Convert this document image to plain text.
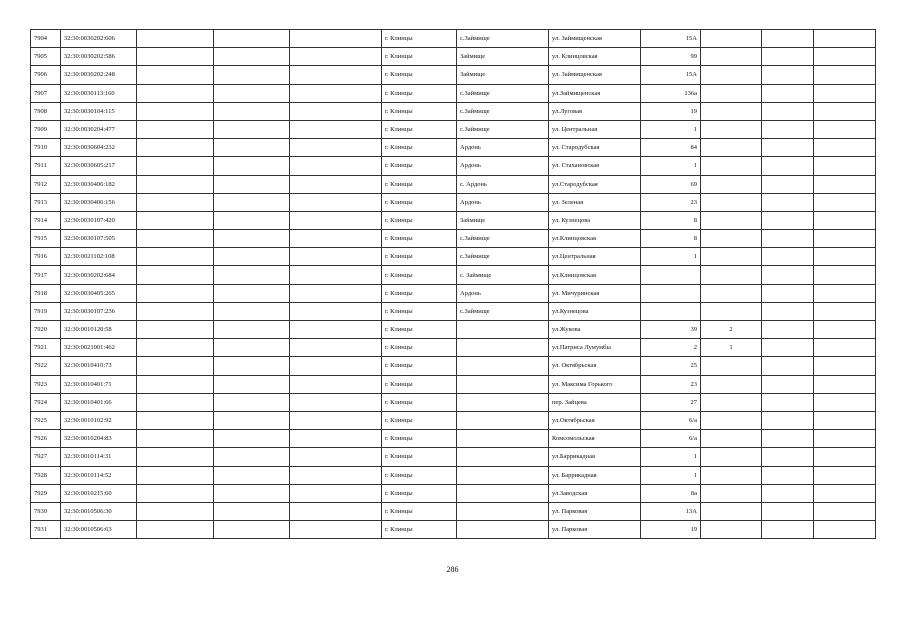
7904	32:30:0030202:606				г. Клинцы	с.Займище	ул. Займищенская	15А			
7905	32:30:0030202:586				г. Клинцы	Займище	ул. Клинцовская	99			
7906	32:30:0030202:248				г. Клинцы	Займище	ул. Займищенская	15А			
7907	32:30:0030113:160				г. Клинцы	с.Займище	ул.Займищенская	136а			
7908	32:30:0030104:115				г. Клинцы	с.Займище	ул.Луговая	19			
7909	32:30:0030204:477				г. Клинцы	с.Займище	ул. Центральная	1			
7910	32:30:0030604:232				г. Клинцы	Ардонь	ул. Стародубская	84			
7911	32:30:0030605:217				г. Клинцы	Ардонь	ул. Стахановская	1			
7912	32:30:0030406:182				г. Клинцы	с. Ардонь	ул.Стародубская	69			
7913	32:30:0030406:156				г. Клинцы	Ардонь	ул. Зеленая	23			
7914	32:30:0030107:420				г. Клинцы	Займище	ул. Кузнецова	8			
7915	32:30:0030107:505				г. Клинцы	с.Займище	ул.Клинцовская	8			
7916	32:30:0021102:108				г. Клинцы	с.Займище	ул.Центральная	1			
7917	32:30:0030202:684				г. Клинцы	с. Займище	ул.Клинцовская				
7918	32:30:0030405:265				г. Клинцы	Ардонь	ул. Мичуринская				
7919	32:30:0030107:236				г. Клинцы	с.Займище	ул.Кузнецова				
7920	32:30:0010120:58				г. Клинцы		ул.Жукова	39	2		
7921	32:30:0021001:462				г. Клинцы		ул.Патриса Лумумбы	2	1		
7922	32:30:0010410:73				г. Клинцы		ул. Октябрьская	25			
7923	32:30:0010401:71				г. Клинцы		ул. Максима Горького	23			
7924	32:30:0010401:66				г. Клинцы		пер. Зайцева	27			
7925	32:30:0010102:92				г. Клинцы		ул.Октябрьская	6/а			
7926	32:30:0010204:83				г. Клинцы		Комсомольская	6/а			
7927	32:30:0010114:31				г. Клинцы		ул.Баррикадная	1			
7928	32:30:0010114:52				г. Клинцы		ул. Баррикадная	1			
7929	32:30:0010215:60				г. Клинцы		ул.Заводская	8а			
7930	32:30:0010506:30				г. Клинцы		ул. Парковая	13А			
7931	32:30:0010506:63				г. Клинцы		ул. Парковая	19			
286
